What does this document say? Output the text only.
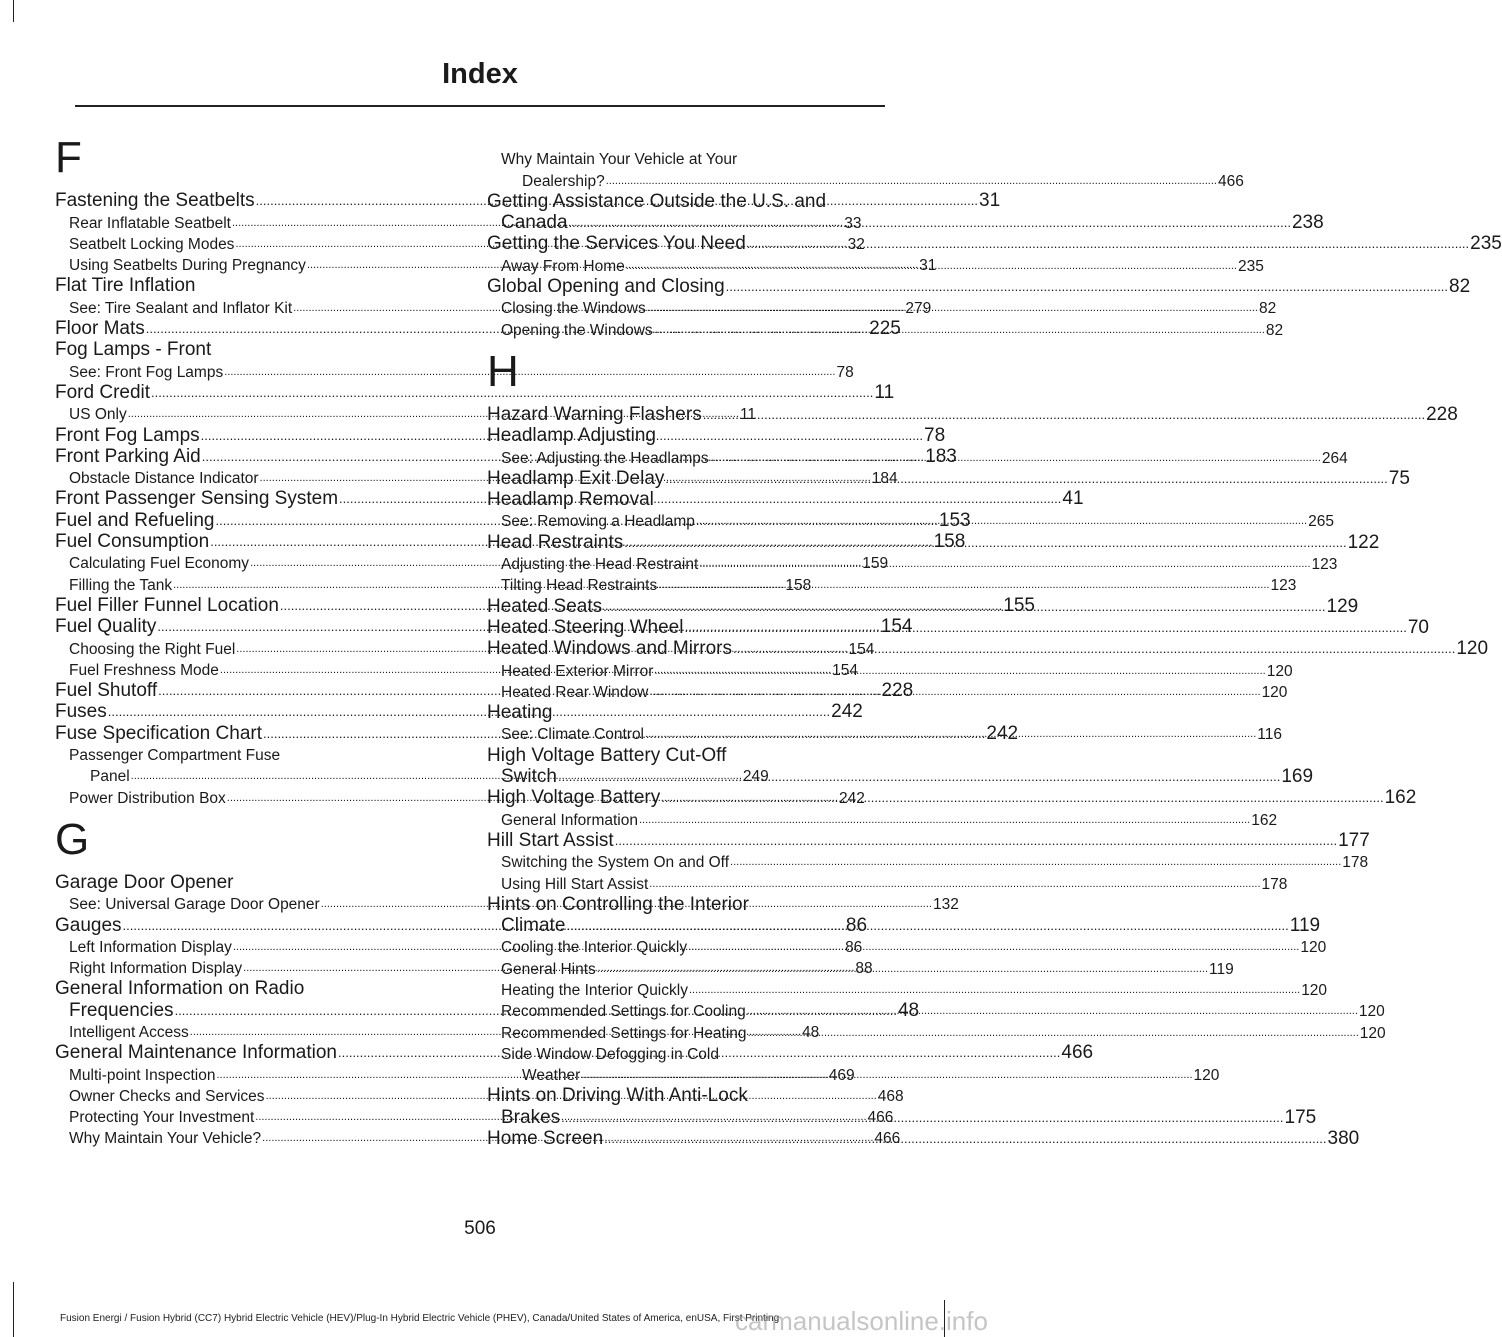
Index
F
Fastening the Seatbelts .....	31
Rear Inflatable Seatbelt .....	33
Seatbelt Locking Modes .....	32
Using Seatbelts During Pregnancy .....	31
Flat Tire Inflation
See: Tire Sealant and Inflator Kit .....	279
Floor Mats .....	225
Fog Lamps - Front
See: Front Fog Lamps .....	78
Ford Credit .....	11
US Only .....	11
Front Fog Lamps .....	78
Front Parking Aid .....	183
Obstacle Distance Indicator .....	184
Front Passenger Sensing System .....	41
Fuel and Refueling .....	153
Fuel Consumption .....	158
Calculating Fuel Economy .....	159
Filling the Tank .....	158
Fuel Filler Funnel Location .....	155
Fuel Quality .....	154
Choosing the Right Fuel .....	154
Fuel Freshness Mode .....	154
Fuel Shutoff .....	228
Fuses .....	242
Fuse Specification Chart .....	242
Passenger Compartment Fuse
Panel .....	249
Power Distribution Box .....	242
G
Garage Door Opener
See: Universal Garage Door Opener .....	132
Gauges .....	86
Left Information Display .....	86
Right Information Display .....	88
General Information on Radio
Frequencies .....	48
Intelligent Access .....	48
General Maintenance Information .....	466
Multi-point Inspection .....	469
Owner Checks and Services .....	468
Protecting Your Investment .....	466
Why Maintain Your Vehicle? .....	466
Why Maintain Your Vehicle at Your
Dealership? .....	466
Getting Assistance Outside the U.S. and
Canada .....	238
Getting the Services You Need .....	235
Away From Home .....	235
Global Opening and Closing .....	82
Closing the Windows .....	82
Opening the Windows .....	82
H
Hazard Warning Flashers .....	228
Headlamp Adjusting
See: Adjusting the Headlamps .....	264
Headlamp Exit Delay .....	75
Headlamp Removal
See: Removing a Headlamp .....	265
Head Restraints .....	122
Adjusting the Head Restraint .....	123
Tilting Head Restraints .....	123
Heated Seats .....	129
Heated Steering Wheel .....	70
Heated Windows and Mirrors .....	120
Heated Exterior Mirror .....	120
Heated Rear Window .....	120
Heating
See: Climate Control .....	116
High Voltage Battery Cut-Off
Switch .....	169
High Voltage Battery .....	162
General Information .....	162
Hill Start Assist .....	177
Switching the System On and Off .....	178
Using Hill Start Assist .....	178
Hints on Controlling the Interior
Climate .....	119
Cooling the Interior Quickly .....	120
General Hints .....	119
Heating the Interior Quickly .....	120
Recommended Settings for Cooling .....	120
Recommended Settings for Heating .....	120
Side Window Defogging in Cold
Weather .....	120
Hints on Driving With Anti-Lock
Brakes .....	175
Home Screen .....	380
506
Fusion Energi / Fusion Hybrid (CC7) Hybrid Electric Vehicle (HEV)/Plug-In Hybrid Electric Vehicle (PHEV), Canada/United States of America, enUSA, First Printing
carmanualsonline.info
